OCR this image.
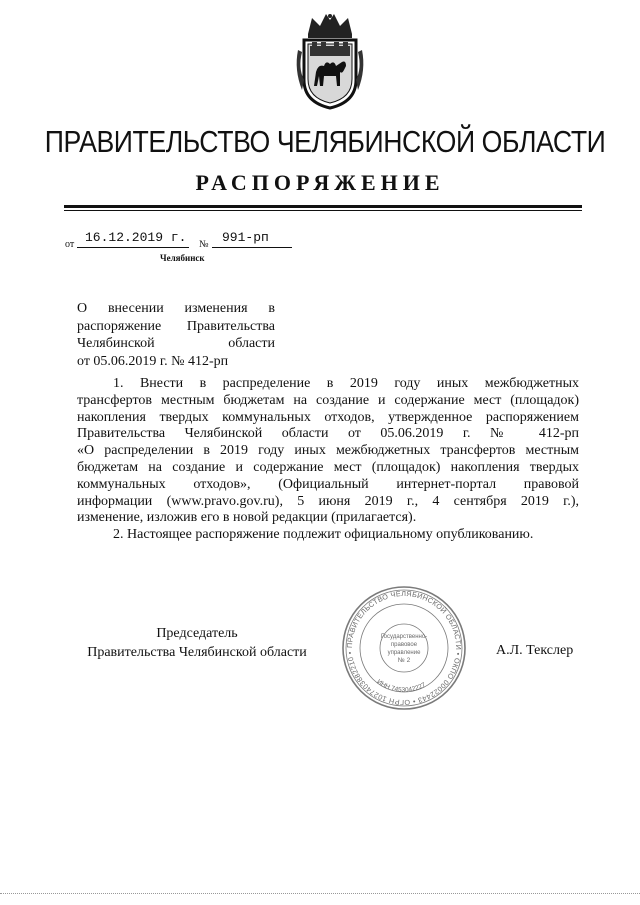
ПРАВИТЕЛЬСТВО ЧЕЛЯБИНСКОЙ ОБЛАСТИ
РАСПОРЯЖЕНИЕ
от 16.12.2019 г. №	991-рп
Челябинск
О внесении изменения в
распоряжение Правительства
Челябинской области
от 05.06.2019 г. № 412-рп

1. Внести в распределение в 2019 году иных межбюджетных

трансфертов местным бюджетам на создание и содержание мест (площадок)

накопления твердых коммунальных отходов, утвержденное распоряжением

Правительства Челябинской области от 05.06.2019 г. № 412-рп

«О распределении в 2019 году иных межбюджетных трансфертов местным

бюджетам на создание и содержание мест (площадок) накопления твердых

коммунальных отходов», (Официальный интернет-портал правовой

информации (www.pravo.gov.ru), 5 июня 2019 г., 4 сентября 2019 г.),

изменение, изложив его в новой редакции (прилагается).

2. Настоящее распоряжение подлежит официальному опубликованию.

Председатель
Правительства Челябинской области	А.Л. Текслер
ПРАВИТЕЛЬСТВО ЧЕЛЯБИНСКОЙ ОБЛАСТИ • ОКПО 00022443 • ОГРН 1027403882210 •
ИНН 7453042227
Государственно-
правовое
управление
№ 2
